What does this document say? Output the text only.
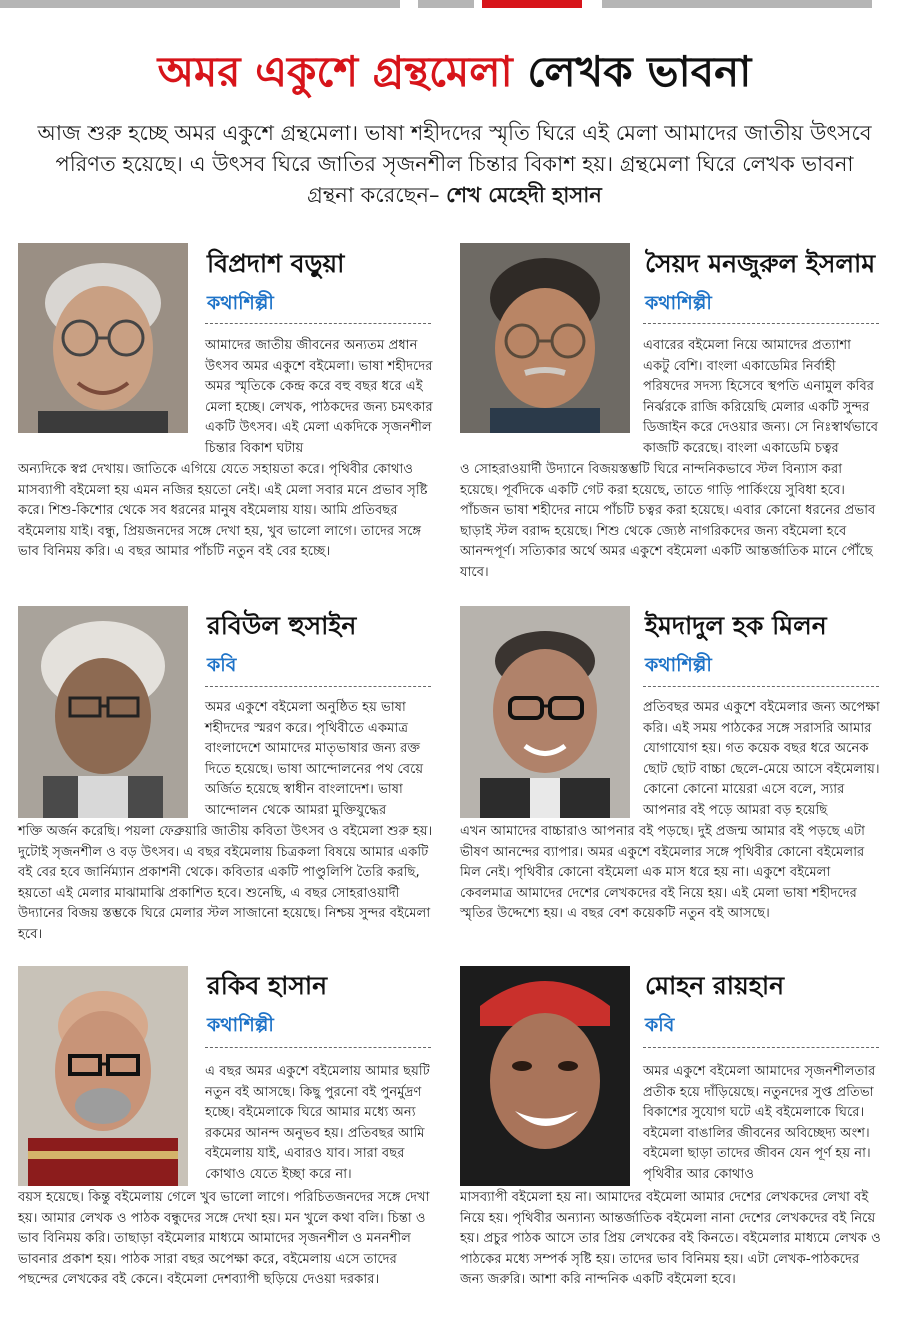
অমর একুশে গ্রন্থমেলা লেখক ভাবনা
আজ শুরু হচ্ছে অমর একুশে গ্রন্থমেলা। ভাষা শহীদদের স্মৃতি ঘিরে এই মেলা আমাদের জাতীয় উৎসবে পরিণত হয়েছে। এ উৎসব ঘিরে জাতির সৃজনশীল চিন্তার বিকাশ হয়। গ্রন্থমেলা ঘিরে লেখক ভাবনা গ্রন্থনা করেছেন– শেখ মেহেদী হাসান
বিপ্রদাশ বড়ুয়া
কথাশিল্পী
আমাদের জাতীয় জীবনের অন্যতম প্রধান উৎসব অমর একুশে বইমেলা। ভাষা শহীদদের অমর স্মৃতিকে কেন্দ্র করে বহু বছর ধরে এই মেলা হচ্ছে। লেখক, পাঠকদের জন্য চমৎকার একটি উৎসব। এই মেলা একদিকে সৃজনশীল চিন্তার বিকাশ ঘটায়
অন্যদিকে স্বপ্ন দেখায়। জাতিকে এগিয়ে যেতে সহায়তা করে। পৃথিবীর কোথাও মাসব্যাপী বইমেলা হয় এমন নজির হয়তো নেই। এই মেলা সবার মনে প্রভাব সৃষ্টি করে। শিশু-কিশোর থেকে সব ধরনের মানুষ বইমেলায় যায়। আমি প্রতিবছর বইমেলায় যাই। বন্ধু, প্রিয়জনদের সঙ্গে দেখা হয়, খুব ভালো লাগে। তাদের সঙ্গে ভাব বিনিময় করি। এ বছর আমার পাঁচটি নতুন বই বের হচ্ছে।
সৈয়দ মনজুরুল ইসলাম
কথাশিল্পী
এবারের বইমেলা নিয়ে আমাদের প্রত্যাশা একটু বেশি। বাংলা একাডেমির নির্বাহী পরিষদের সদস্য হিসেবে স্থপতি এনামুল কবির নির্ঝরকে রাজি করিয়েছি মেলার একটি সুন্দর ডিজাইন করে দেওয়ার জন্য। সে নিঃস্বার্থভাবে কাজটি করেছে। বাংলা একাডেমি চত্বর
ও সোহরাওয়ার্দী উদ্যানে বিজয়স্তম্ভটি ঘিরে নান্দনিকভাবে স্টল বিন্যাস করা হয়েছে। পূর্বদিকে একটি গেট করা হয়েছে, তাতে গাড়ি পার্কিংয়ে সুবিধা হবে। পাঁচজন ভাষা শহীদের নামে পাঁচটি চত্বর করা হয়েছে। এবার কোনো ধরনের প্রভাব ছাড়াই স্টল বরাদ্দ হয়েছে। শিশু থেকে জ্যেষ্ঠ নাগরিকদের জন্য বইমেলা হবে আনন্দপূর্ণ। সত্যিকার অর্থে অমর একুশে বইমেলা একটি আন্তর্জাতিক মানে পৌঁছে যাবে।
রবিউল হুসাইন
কবি
অমর একুশে বইমেলা অনুষ্ঠিত হয় ভাষা শহীদদের স্মরণ করে। পৃথিবীতে একমাত্র বাংলাদেশে আমাদের মাতৃভাষার জন্য রক্ত দিতে হয়েছে। ভাষা আন্দোলনের পথ বেয়ে অর্জিত হয়েছে স্বাধীন বাংলাদেশ। ভাষা আন্দোলন থেকে আমরা মুক্তিযুদ্ধের
শক্তি অর্জন করেছি। পয়লা ফেব্রুয়ারি জাতীয় কবিতা উৎসব ও বইমেলা শুরু হয়। দুটোই সৃজনশীল ও বড় উৎসব। এ বছর বইমেলায় চিত্রকলা বিষয়ে আমার একটি বই বের হবে জার্নিম্যান প্রকাশনী থেকে। কবিতার একটি পাণ্ডুলিপি তৈরি করছি, হয়তো এই মেলার মাঝামাঝি প্রকাশিত হবে। শুনেছি, এ বছর সোহরাওয়ার্দী উদ্যানের বিজয় স্তম্ভকে ঘিরে মেলার স্টল সাজানো হয়েছে। নিশ্চয় সুন্দর বইমেলা হবে।
ইমদাদুল হক মিলন
কথাশিল্পী
প্রতিবছর অমর একুশে বইমেলার জন্য অপেক্ষা করি। এই সময় পাঠকের সঙ্গে সরাসরি আমার যোগাযোগ হয়। গত কয়েক বছর ধরে অনেক ছোট ছোট বাচ্চা ছেলে-মেয়ে আসে বইমেলায়। কোনো কোনো মায়েরা এসে বলে, স্যার আপনার বই পড়ে আমরা বড় হয়েছি
এখন আমাদের বাচ্চারাও আপনার বই পড়ছে। দুই প্রজন্ম আমার বই পড়ছে এটা ভীষণ আনন্দের ব্যাপার। অমর একুশে বইমেলার সঙ্গে পৃথিবীর কোনো বইমেলার মিল নেই। পৃথিবীর কোনো বইমেলা এক মাস ধরে হয় না। একুশে বইমেলা কেবলমাত্র আমাদের দেশের লেখকদের বই নিয়ে হয়। এই মেলা ভাষা শহীদদের স্মৃতির উদ্দেশ্যে হয়। এ বছর বেশ কয়েকটি নতুন বই আসছে।
রকিব হাসান
কথাশিল্পী
এ বছর অমর একুশে বইমেলায় আমার ছয়টি নতুন বই আসছে। কিছু পুরনো বই পুনর্মুদ্রণ হচ্ছে। বইমেলাকে ঘিরে আমার মধ্যে অন্য রকমের আনন্দ অনুভব হয়। প্রতিবছর আমি বইমেলায় যাই, এবারও যাব। সারা বছর কোথাও যেতে ইচ্ছা করে না।
বয়স হয়েছে। কিন্তু বইমেলায় গেলে খুব ভালো লাগে। পরিচিতজনদের সঙ্গে দেখা হয়। আমার লেখক ও পাঠক বন্ধুদের সঙ্গে দেখা হয়। মন খুলে কথা বলি। চিন্তা ও ভাব বিনিময় করি। তাছাড়া বইমেলার মাধ্যমে আমাদের সৃজনশীল ও মননশীল ভাবনার প্রকাশ হয়। পাঠক সারা বছর অপেক্ষা করে, বইমেলায় এসে তাদের পছন্দের লেখকের বই কেনে। বইমেলা দেশব্যাপী ছড়িয়ে দেওয়া দরকার।
মোহন রায়হান
কবি
অমর একুশে বইমেলা আমাদের সৃজনশীলতার প্রতীক হয়ে দাঁড়িয়েছে। নতুনদের সুপ্ত প্রতিভা বিকাশের সুযোগ ঘটে এই বইমেলাকে ঘিরে। বইমেলা বাঙালির জীবনের অবিচ্ছেদ্য অংশ। বইমেলা ছাড়া তাদের জীবন যেন পূর্ণ হয় না। পৃথিবীর আর কোথাও
মাসব্যাপী বইমেলা হয় না। আমাদের বইমেলা আমার দেশের লেখকদের লেখা বই নিয়ে হয়। পৃথিবীর অন্যান্য আন্তর্জাতিক বইমেলা নানা দেশের লেখকদের বই নিয়ে হয়। প্রচুর পাঠক আসে তার প্রিয় লেখকের বই কিনতে। বইমেলার মাধ্যমে লেখক ও পাঠকের মধ্যে সম্পর্ক সৃষ্টি হয়। তাদের ভাব বিনিময় হয়। এটা লেখক-পাঠকদের জন্য জরুরি। আশা করি নান্দনিক একটি বইমেলা হবে।
